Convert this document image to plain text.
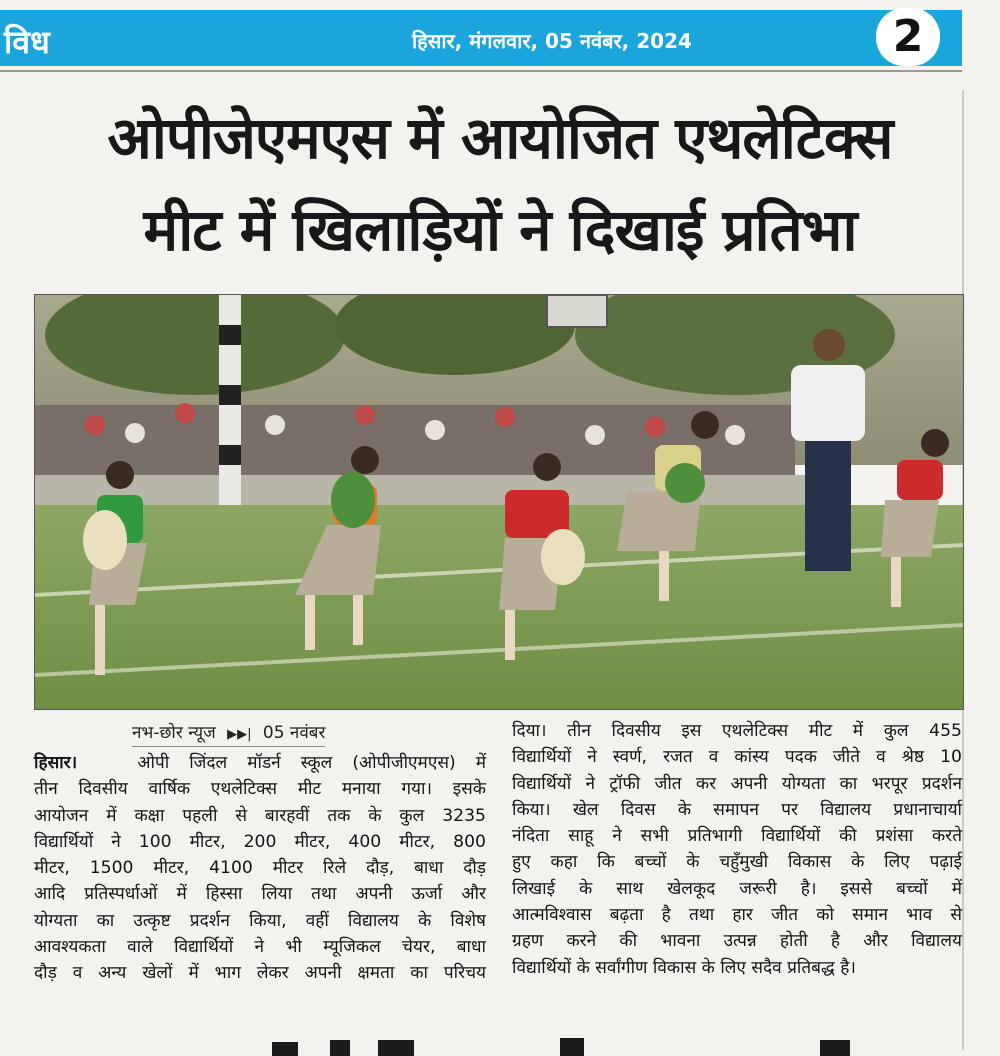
विध	हिसार, मंगलवार, 05 नवंबर, 2024	2
ओपीजेएमएस में आयोजित एथलेटिक्स
मीट में खिलाड़ियों ने दिखाई प्रतिभा
नभ-छोर न्यूज ▶▶| 05 नवंबर
हिसार।	ओपी जिंदल मॉडर्न स्कूल (ओपीजीएमएस) में
तीन दिवसीय वार्षिक एथलेटिक्स मीट मनाया गया। इसके
आयोजन में कक्षा पहली से बारहवीं तक के कुल 3235
विद्यार्थियों ने 100 मीटर, 200 मीटर, 400 मीटर, 800
मीटर, 1500 मीटर, 4100 मीटर रिले दौड़, बाधा दौड़
आदि प्रतिस्पर्धाओं में हिस्सा लिया तथा अपनी ऊर्जा और
योग्यता का उत्कृष्ट प्रदर्शन किया, वहीं विद्यालय के विशेष
आवश्यकता वाले विद्यार्थियों ने भी म्यूजिकल चेयर, बाधा
दौड़ व अन्य खेलों में भाग लेकर अपनी क्षमता का परिचय
दिया। तीन दिवसीय इस एथलेटिक्स मीट में कुल 455
विद्यार्थियों ने स्वर्ण, रजत व कांस्य पदक जीते व श्रेष्ठ 10
विद्यार्थियों ने ट्रॉफी जीत कर अपनी योग्यता का भरपूर प्रदर्शन
किया। खेल दिवस के समापन पर विद्यालय प्रधानाचार्या
नंदिता साहू ने सभी प्रतिभागी विद्यार्थियों की प्रशंसा करते
हुए कहा कि बच्चों के चहुँमुखी विकास के लिए पढ़ाई
लिखाई के साथ खेलकूद जरूरी है। इससे बच्चों में
आत्मविश्वास बढ़ता है तथा हार जीत को समान भाव से
ग्रहण करने की भावना उत्पन्न होती है और विद्यालय
विद्यार्थियों के सर्वांगीण विकास के लिए सदैव प्रतिबद्ध है।
